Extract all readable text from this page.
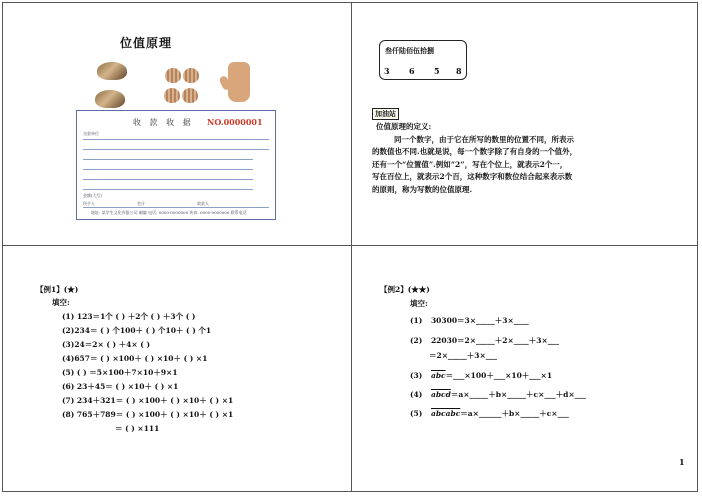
位值原理
收 款 收 据 NO.0000001
交款单位
金额(大写)
经手人	会计	收款人
地址: 某学生文化有限公司 邮编 电话: 0000-0000000 传真: 0000-0000000 联系电话
叁仟陆佰伍拾捌
3 6 5 8
加油站
位值原理的定义:
同一个数字，由于它在所写的数里的位置不同，所表示
的数值也不同.也就是说，每一个数字除了有自身的一个值外，
还有一个“位置值”.例如“2”，写在个位上，就表示2个一，
写在百位上，就表示2个百，这种数字和数位结合起来表示数
的原则，称为写数的位值原理.
【例1】(★)
填空:
(1) 123＝1个 ( ) ＋2个 ( ) ＋3个 ( )
(2)234＝ ( ) 个100＋ ( ) 个10＋ ( ) 个1
(3)24＝2× ( ) ＋4× ( )
(4)657＝ ( ) ×100＋ ( ) ×10＋ ( ) ×1
(5) ( ) ＝5×100＋7×10＋9×1
(6) 23＋45＝ ( ) ×10＋ ( ) ×1
(7) 234＋321＝ ( ) ×100＋ ( ) ×10＋ ( ) ×1
(8) 765＋789＝ ( ) ×100＋ ( ) ×10＋ ( ) ×1
＝ ( ) ×111
【例2】(★★)
填空:
(1) 30300＝3×_____＋3×____
(2) 22030＝2×_____＋2×____＋3×___
＝2×_____＋3×___
(3) $\overline{abc}=\_\_\_\times 100+\_\_\_\times 10+\_\_\_\times 1$
(4) abcd＝a×_____＋b×_____＋c×___＋d×___
(5) abcabc＝a×______＋b×_____＋c×___
1
